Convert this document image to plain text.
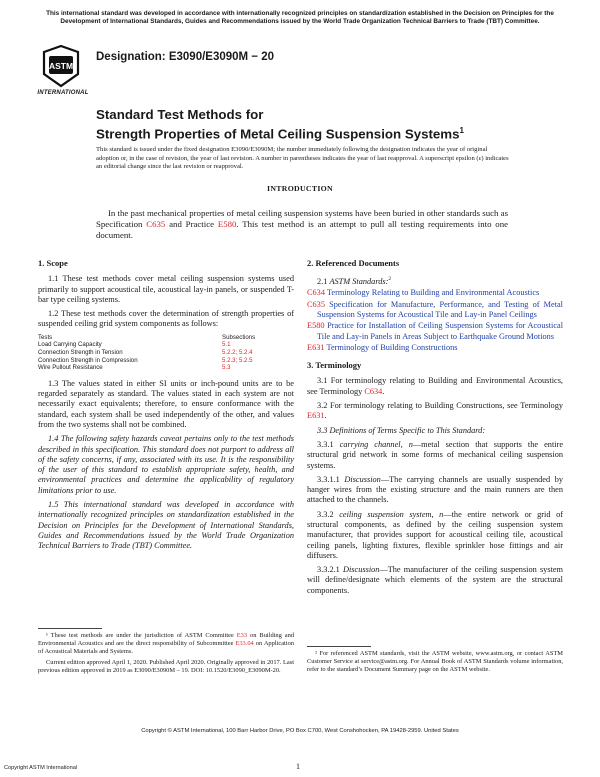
This international standard was developed in accordance with internationally recognized principles on standardization established in the Decision on Principles for the Development of International Standards, Guides and Recommendations issued by the World Trade Organization Technical Barriers to Trade (TBT) Committee.
ASTM
INTERNATIONAL
Designation: E3090/E3090M − 20
Standard Test Methods for
Strength Properties of Metal Ceiling Suspension Systems$^1$
This standard is issued under the fixed designation E3090/E3090M; the number immediately following the designation indicates the year of original adoption or, in the case of revision, the year of last revision. A number in parentheses indicates the year of last reapproval. A superscript epsilon (ε) indicates an editorial change since the last revision or reapproval.
INTRODUCTION
In the past mechanical properties of metal ceiling suspension systems have been buried in other standards such as Specification C635 and Practice E580. This test method is an attempt to pull all testing requirements into one document.
1. Scope

1.1 These test methods cover metal ceiling suspension systems used primarily to support acoustical tile, acoustical lay-in panels, or suspended T-bar type ceiling systems.

1.2 These test methods cover the determination of strength properties of suspended ceiling grid system components as follows:

Tests	Subsections
Load Carrying Capacity	5.1
Connection Strength in Tension	5.2.2; 5.2.4
Connection Strength in Compression	5.2.3; 5.2.5
Wire Pullout Resistance	5.3

1.3 The values stated in either SI units or inch-pound units are to be regarded separately as standard. The values stated in each system are not necessarily exact equivalents; therefore, to ensure conformance with the standard, each system shall be used independently of the other, and values from the two systems shall not be combined.

1.4 The following safety hazards caveat pertains only to the test methods described in this specification. This standard does not purport to address all of the safety concerns, if any, associated with its use. It is the responsibility of the user of this standard to establish appropriate safety, health, and environmental practices and determine the applicability of regulatory limitations prior to use.

1.5 This international standard was developed in accordance with internationally recognized principles on standardization established in the Decision on Principles for the Development of International Standards, Guides and Recommendations issued by the World Trade Organization Technical Barriers to Trade (TBT) Committee.

2. Referenced Documents

2.1 ASTM Standards:$^2$

C634 Terminology Relating to Building and Environmental Acoustics
C635 Specification for Manufacture, Performance, and Testing of Metal Suspension Systems for Acoustical Tile and Lay-in Panel Ceilings
E580 Practice for Installation of Ceiling Suspension Systems for Acoustical Tile and Lay-in Panels in Areas Subject to Earthquake Ground Motions
E631 Terminology of Building Constructions
3. Terminology

3.1 For terminology relating to Building and Environmental Acoustics, see Terminology C634.

3.2 For terminology relating to Building Constructions, see Terminology E631.

3.3 Definitions of Terms Specific to This Standard:

3.3.1 carrying channel, n—metal section that supports the entire structural grid network in some forms of mechanical ceiling suspension systems.

3.3.1.1 Discussion—The carrying channels are usually suspended by hanger wires from the existing structure and the main runners are then attached to the channels.

3.3.2 ceiling suspension system, n—the entire network or grid of structural components, as defined by the ceiling suspension system manufacturer, that provides support for acoustical ceiling tile, acoustical ceiling panels, lighting fixtures, flexible sprinkler hose fittings and air diffusers.

3.3.2.1 Discussion—The manufacturer of the ceiling suspension system will define/designate which elements of the system are the structural components.

¹ These test methods are under the jurisdiction of ASTM Committee E33 on Building and Environmental Acoustics and are the direct responsibility of Subcommittee E33.04 on Application of Acoustical Materials and Systems.

Current edition approved April 1, 2020. Published April 2020. Originally approved in 2017. Last previous edition approved in 2019 as E3090/E3090M – 19. DOI: 10.1520/E3090_E3090M-20.

² For referenced ASTM standards, visit the ASTM website, www.astm.org, or contact ASTM Customer Service at service@astm.org. For Annual Book of ASTM Standards volume information, refer to the standard’s Document Summary page on the ASTM website.

Copyright © ASTM International, 100 Barr Harbor Drive, PO Box C700, West Conshohocken, PA 19428-2959. United States
Copyright ASTM International	1
